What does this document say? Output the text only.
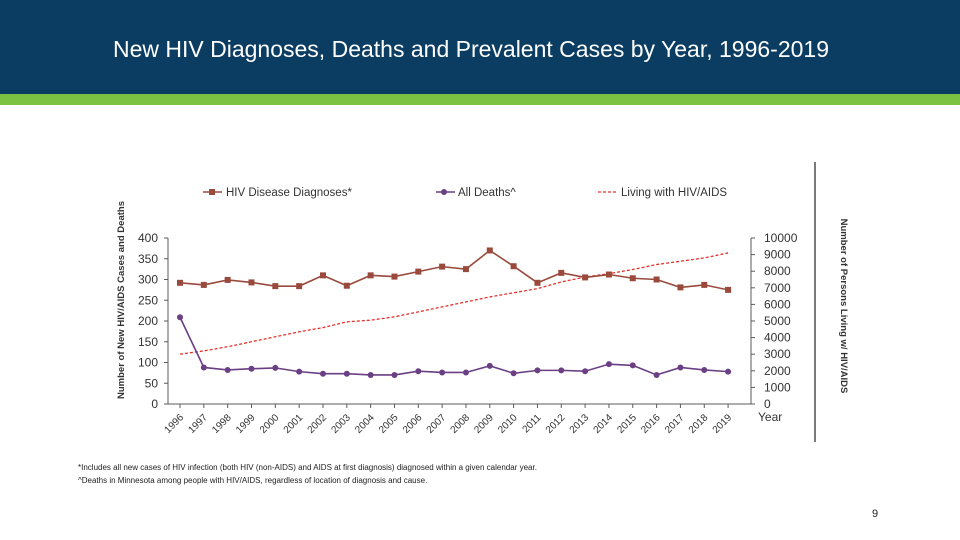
New HIV Diagnoses, Deaths and Prevalent Cases by Year, 1996-2019
HIV Disease Diagnoses*	All Deaths^	Living with HIV/AIDS
0
50
100
150
200
250
300
350
400
0
1000
2000
3000
4000
5000
6000
7000
8000
9000
10000
1996 1997 1998 1999 2000 2001 2002 2003 2004 2005 2006 2007 2008 2009 2010 2011 2012 2013 2014 2015 2016 2017 2018 2019 Year
Number of New HIV/AIDS Cases and Deaths	Number of Persons Living w/ HIV/AIDS
*Includes all new cases of HIV infection (both HIV (non-AIDS) and AIDS at first diagnosis) diagnosed within a given calendar year.
^Deaths in Minnesota among people with HIV/AIDS, regardless of location of diagnosis and cause.
9
